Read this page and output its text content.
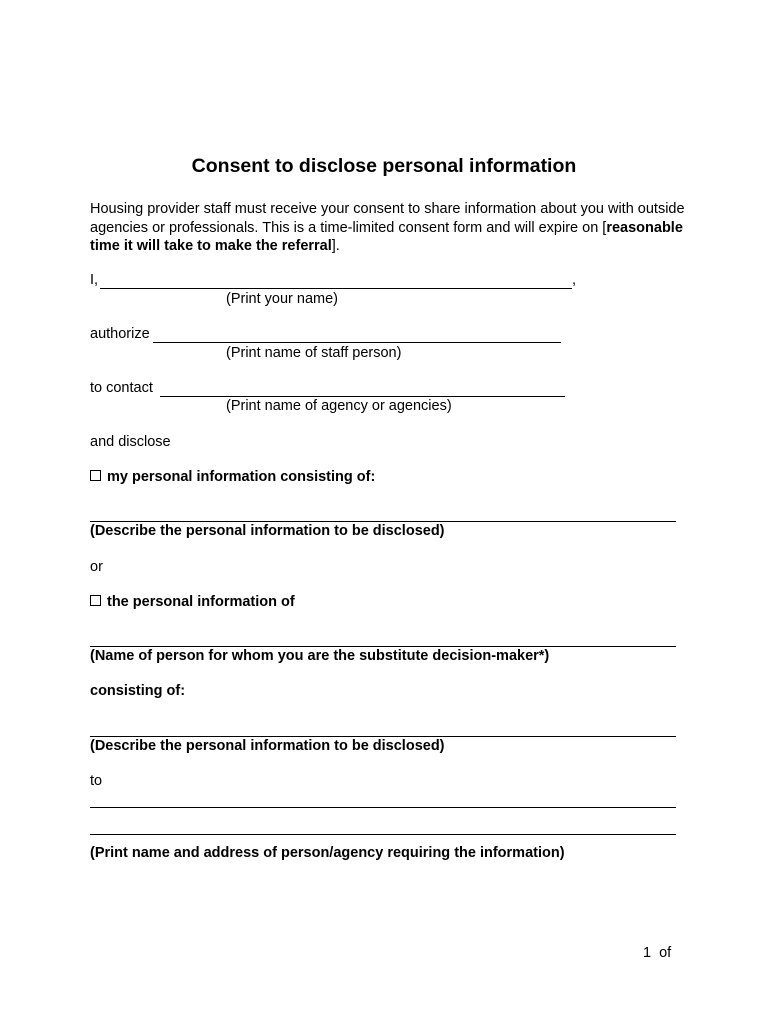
Consent to disclose personal information
Housing provider staff must receive your consent to share information about you with outside agencies or professionals. This is a time-limited consent form and will expire on [reasonable time it will take to make the referral].
I,	,
(Print your name)
authorize
(Print name of staff person)
to contact
(Print name of agency or agencies)
and disclose
my personal information consisting of:
(Describe the personal information to be disclosed)
or
the personal information of
(Name of person for whom you are the substitute decision-maker*)
consisting of:
(Describe the personal information to be disclosed)
to
(Print name and address of person/agency requiring the information)
1  of
